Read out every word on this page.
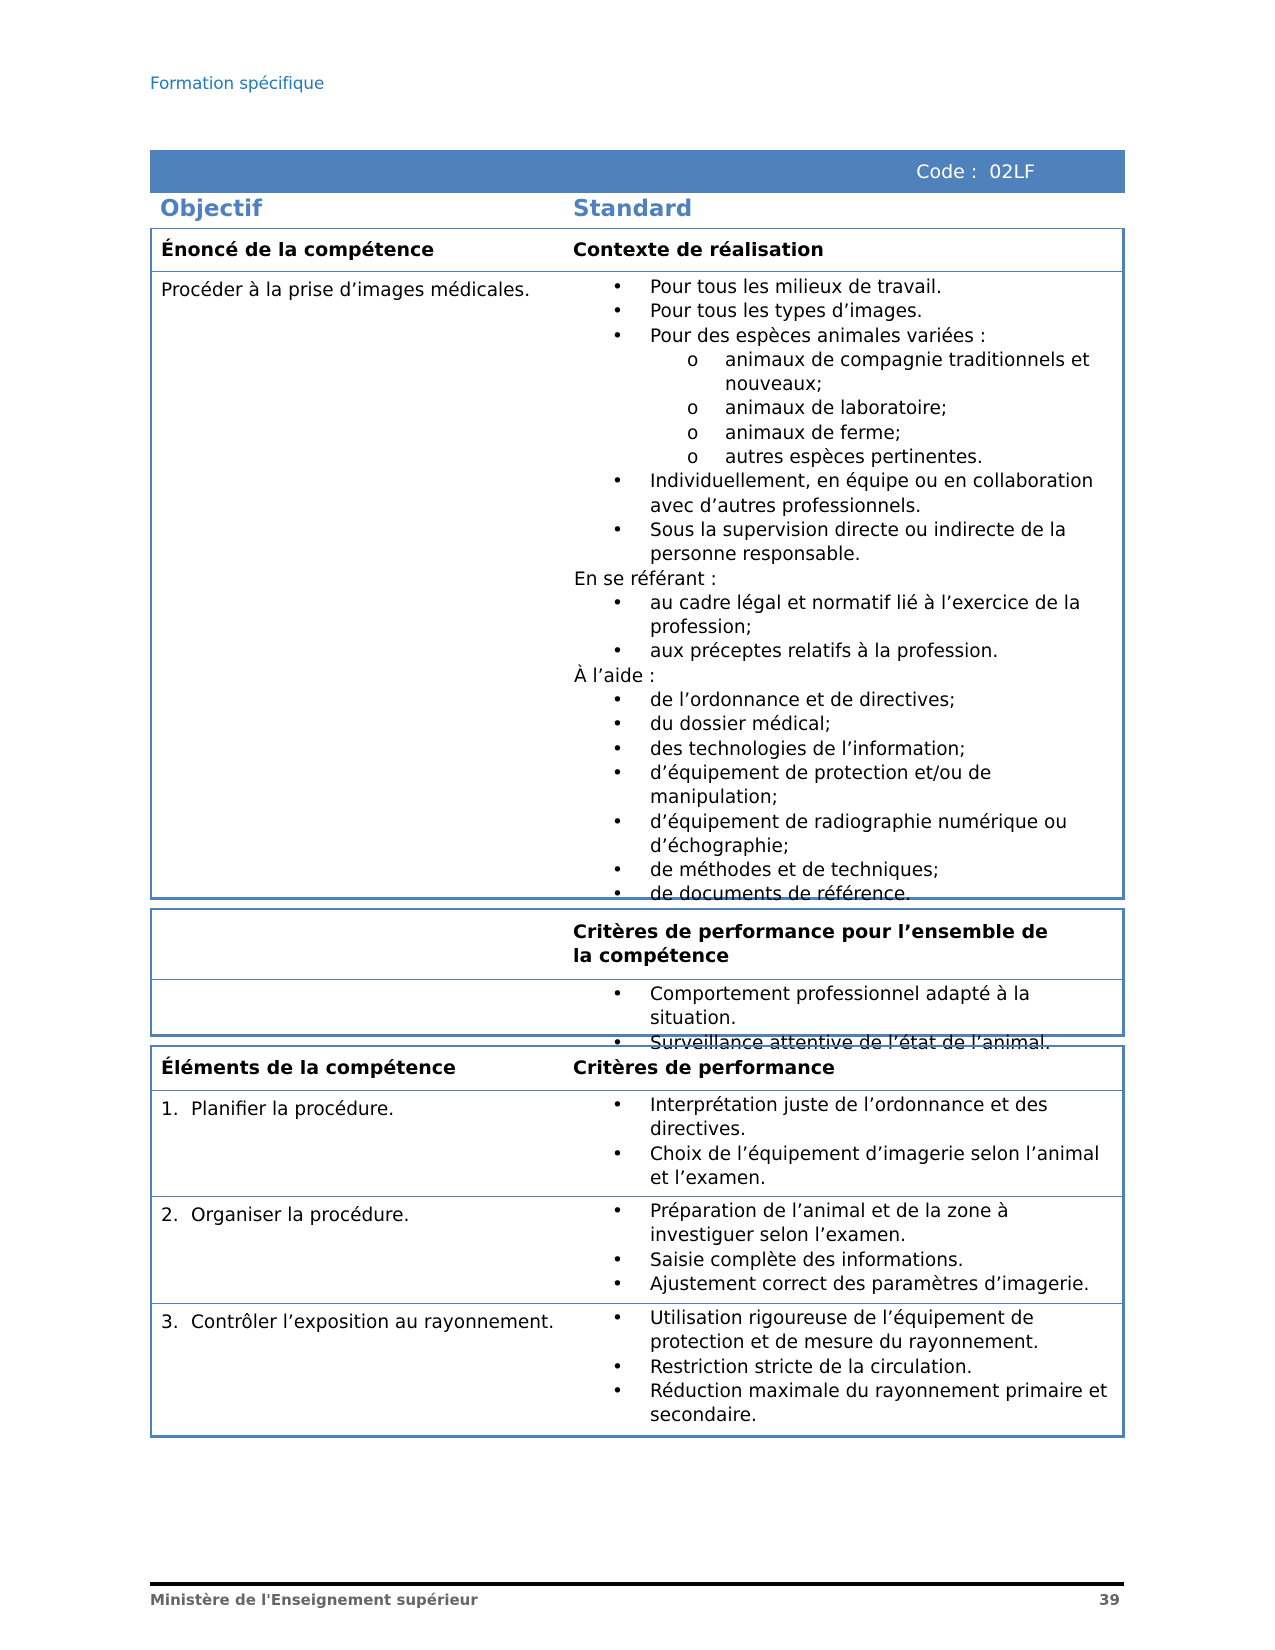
Formation spécifique
Code : 02LF
Objectif	Standard
Énoncé de la compétence	Contexte de réalisation
Procéder à la prise d’images médicales.	• Pour tous les milieux de travail.
• Pour tous les types d’images.
• Pour des espèces animales variées :
o animaux de compagnie traditionnels et nouveaux;
o animaux de laboratoire;
o animaux de ferme;
o autres espèces pertinentes.
• Individuellement, en équipe ou en collaboration avec d’autres professionnels.
• Sous la supervision directe ou indirecte de la personne responsable.
En se référant :
• au cadre légal et normatif lié à l’exercice de la profession;
• aux préceptes relatifs à la profession.
À l’aide :
• de l’ordonnance et de directives;
• du dossier médical;
• des technologies de l’information;
• d’équipement de protection et/ou de manipulation;
• d’équipement de radiographie numérique ou d’échographie;
• de méthodes et de techniques;
• de documents de référence.
Critères de performance pour l’ensemble de la compétence
• Comportement professionnel adapté à la situation.
• Surveillance attentive de l’état de l’animal.
Éléments de la compétence	Critères de performance
1. Planifier la procédure.	• Interprétation juste de l’ordonnance et des directives.
• Choix de l’équipement d’imagerie selon l’animal et l’examen.
2. Organiser la procédure.	• Préparation de l’animal et de la zone à investiguer selon l’examen.
• Saisie complète des informations.
• Ajustement correct des paramètres d’imagerie.
3. Contrôler l’exposition au rayonnement.	• Utilisation rigoureuse de l’équipement de protection et de mesure du rayonnement.
• Restriction stricte de la circulation.
• Réduction maximale du rayonnement primaire et secondaire.
Ministère de l'Enseignement supérieur	39
